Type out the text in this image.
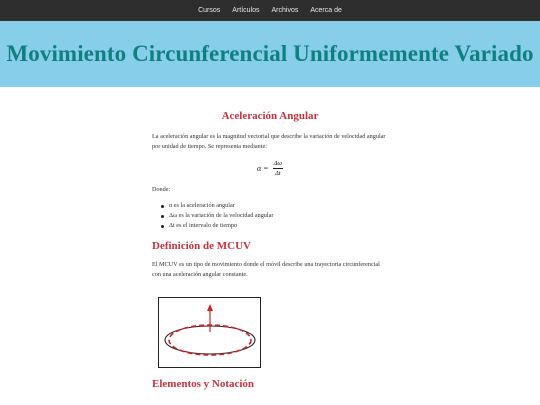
Cursos	Artículos	Archivos	Acerca de
Movimiento Circunferencial Uniformemente Variado
Aceleración Angular

La aceleración angular es la magnitud vectorial que describe la variación de velocidad angular por unidad de tiempo. Se representa mediante:

$\alpha = \frac{\Delta\omega}{\Delta t}$

Donde:

α es la aceleración angular
Δω es la variación de la velocidad angular
Δt es el intervalo de tiempo
Definición de MCUV

El MCUV es un tipo de movimiento donde el móvil describe una trayectoria circunferencial con una aceleración angular constante.

Elementos y Notación
